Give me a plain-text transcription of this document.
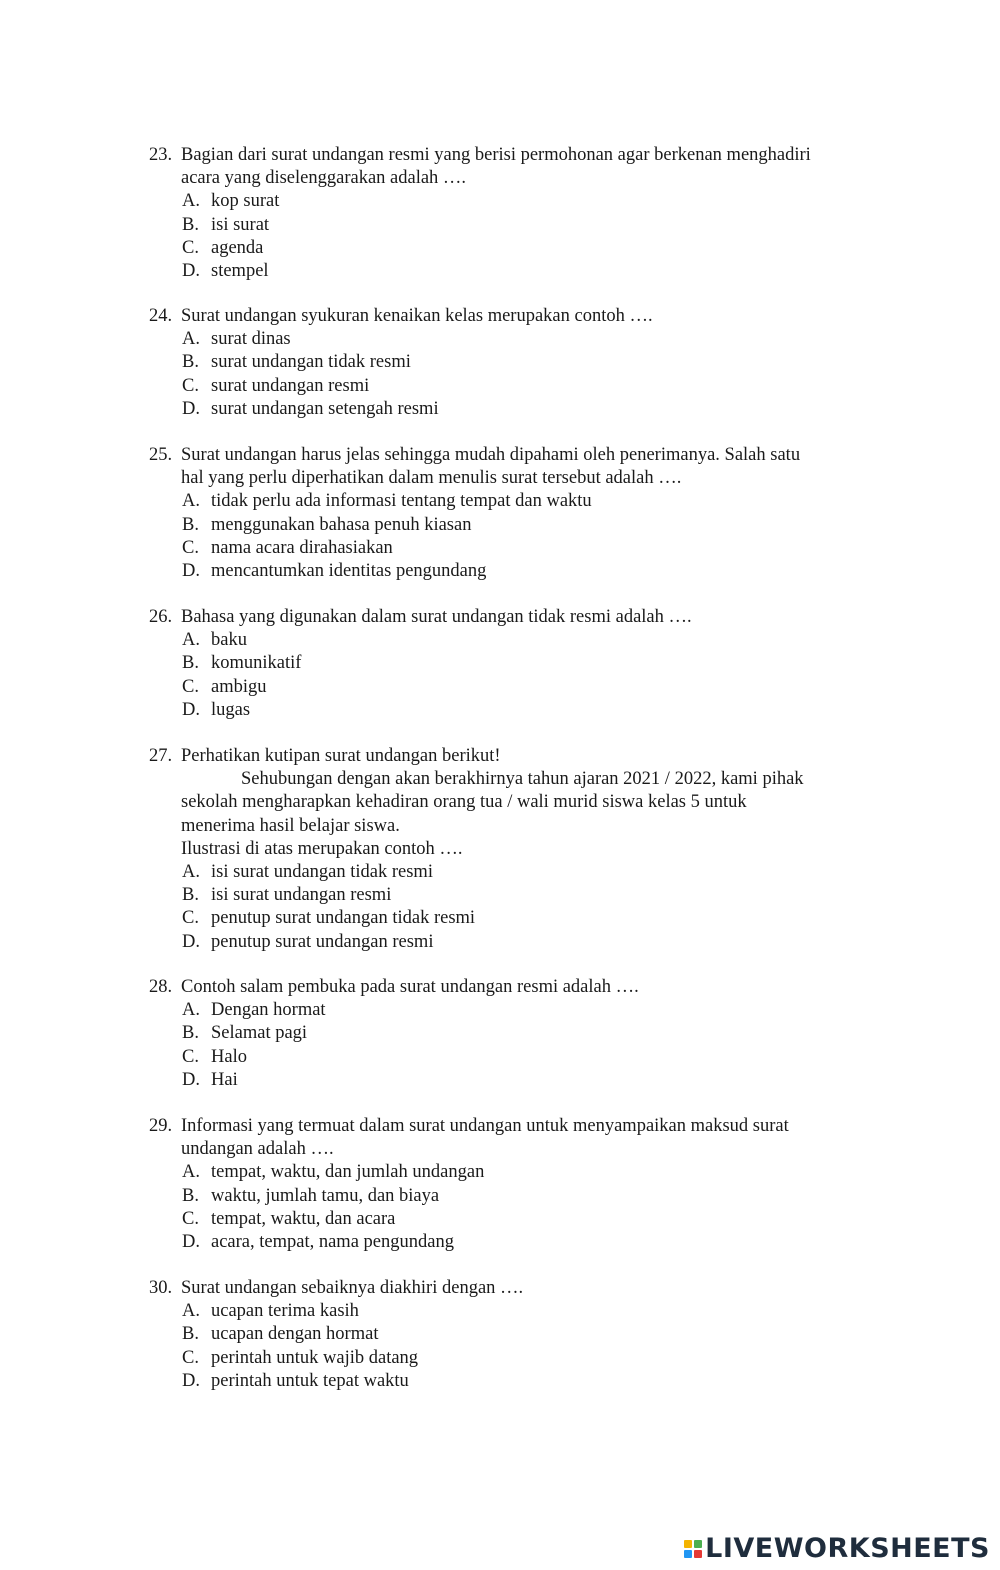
23. Bagian dari surat undangan resmi yang berisi permohonan agar berkenan menghadiri
acara yang diselenggarakan adalah ….
A. kop surat
B. isi surat
C. agenda
D. stempel
24. Surat undangan syukuran kenaikan kelas merupakan contoh ….
A. surat dinas
B. surat undangan tidak resmi
C. surat undangan resmi
D. surat undangan setengah resmi
25. Surat undangan harus jelas sehingga mudah dipahami oleh penerimanya. Salah satu
hal yang perlu diperhatikan dalam menulis surat tersebut adalah ….
A. tidak perlu ada informasi tentang tempat dan waktu
B. menggunakan bahasa penuh kiasan
C. nama acara dirahasiakan
D. mencantumkan identitas pengundang
26. Bahasa yang digunakan dalam surat undangan tidak resmi adalah ….
A. baku
B. komunikatif
C. ambigu
D. lugas
27. Perhatikan kutipan surat undangan berikut!
Sehubungan dengan akan berakhirnya tahun ajaran 2021 / 2022, kami pihak
sekolah mengharapkan kehadiran orang tua / wali murid siswa kelas 5 untuk
menerima hasil belajar siswa.
Ilustrasi di atas merupakan contoh ….
A. isi surat undangan tidak resmi
B. isi surat undangan resmi
C. penutup surat undangan tidak resmi
D. penutup surat undangan resmi
28. Contoh salam pembuka pada surat undangan resmi adalah ….
A. Dengan hormat
B. Selamat pagi
C. Halo
D. Hai
29. Informasi yang termuat dalam surat undangan untuk menyampaikan maksud surat
undangan adalah ….
A. tempat, waktu, dan jumlah undangan
B. waktu, jumlah tamu, dan biaya
C. tempat, waktu, dan acara
D. acara, tempat, nama pengundang
30. Surat undangan sebaiknya diakhiri dengan ….
A. ucapan terima kasih
B. ucapan dengan hormat
C. perintah untuk wajib datang
D. perintah untuk tepat waktu
LIVEWORKSHEETS
